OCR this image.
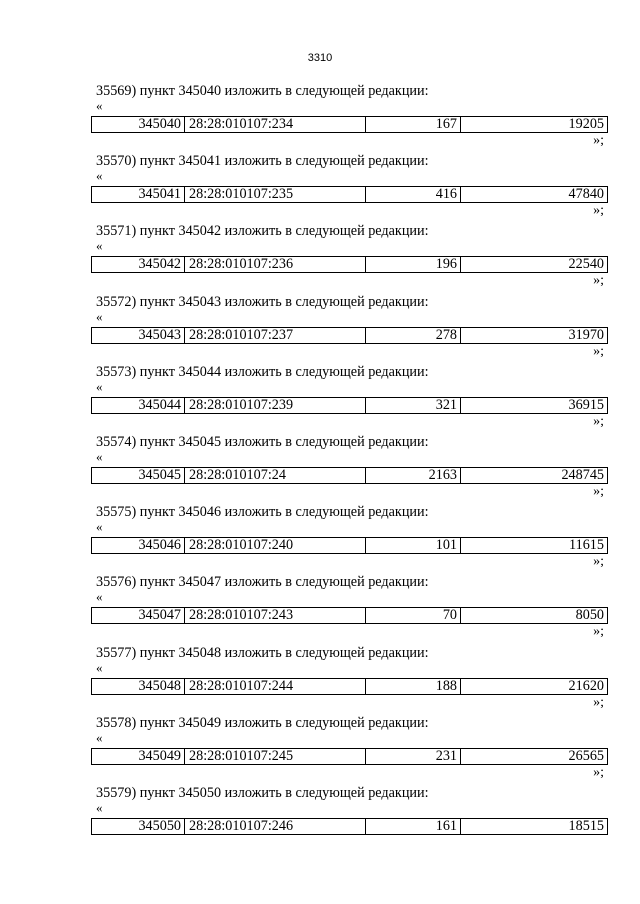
3310
35569) пункт 345040 изложить в следующей редакции:
«
345040 28:28:010107:234	167	19205
»;
35570) пункт 345041 изложить в следующей редакции:
«
345041 28:28:010107:235	416	47840
»;
35571) пункт 345042 изложить в следующей редакции:
«
345042 28:28:010107:236	196	22540
»;
35572) пункт 345043 изложить в следующей редакции:
«
345043 28:28:010107:237	278	31970
»;
35573) пункт 345044 изложить в следующей редакции:
«
345044 28:28:010107:239	321	36915
»;
35574) пункт 345045 изложить в следующей редакции:
«
345045 28:28:010107:24	2163	248745
»;
35575) пункт 345046 изложить в следующей редакции:
«
345046 28:28:010107:240	101	11615
»;
35576) пункт 345047 изложить в следующей редакции:
«
345047 28:28:010107:243	70	8050
»;
35577) пункт 345048 изложить в следующей редакции:
«
345048 28:28:010107:244	188	21620
»;
35578) пункт 345049 изложить в следующей редакции:
«
345049 28:28:010107:245	231	26565
»;
35579) пункт 345050 изложить в следующей редакции:
«
345050 28:28:010107:246	161	18515
